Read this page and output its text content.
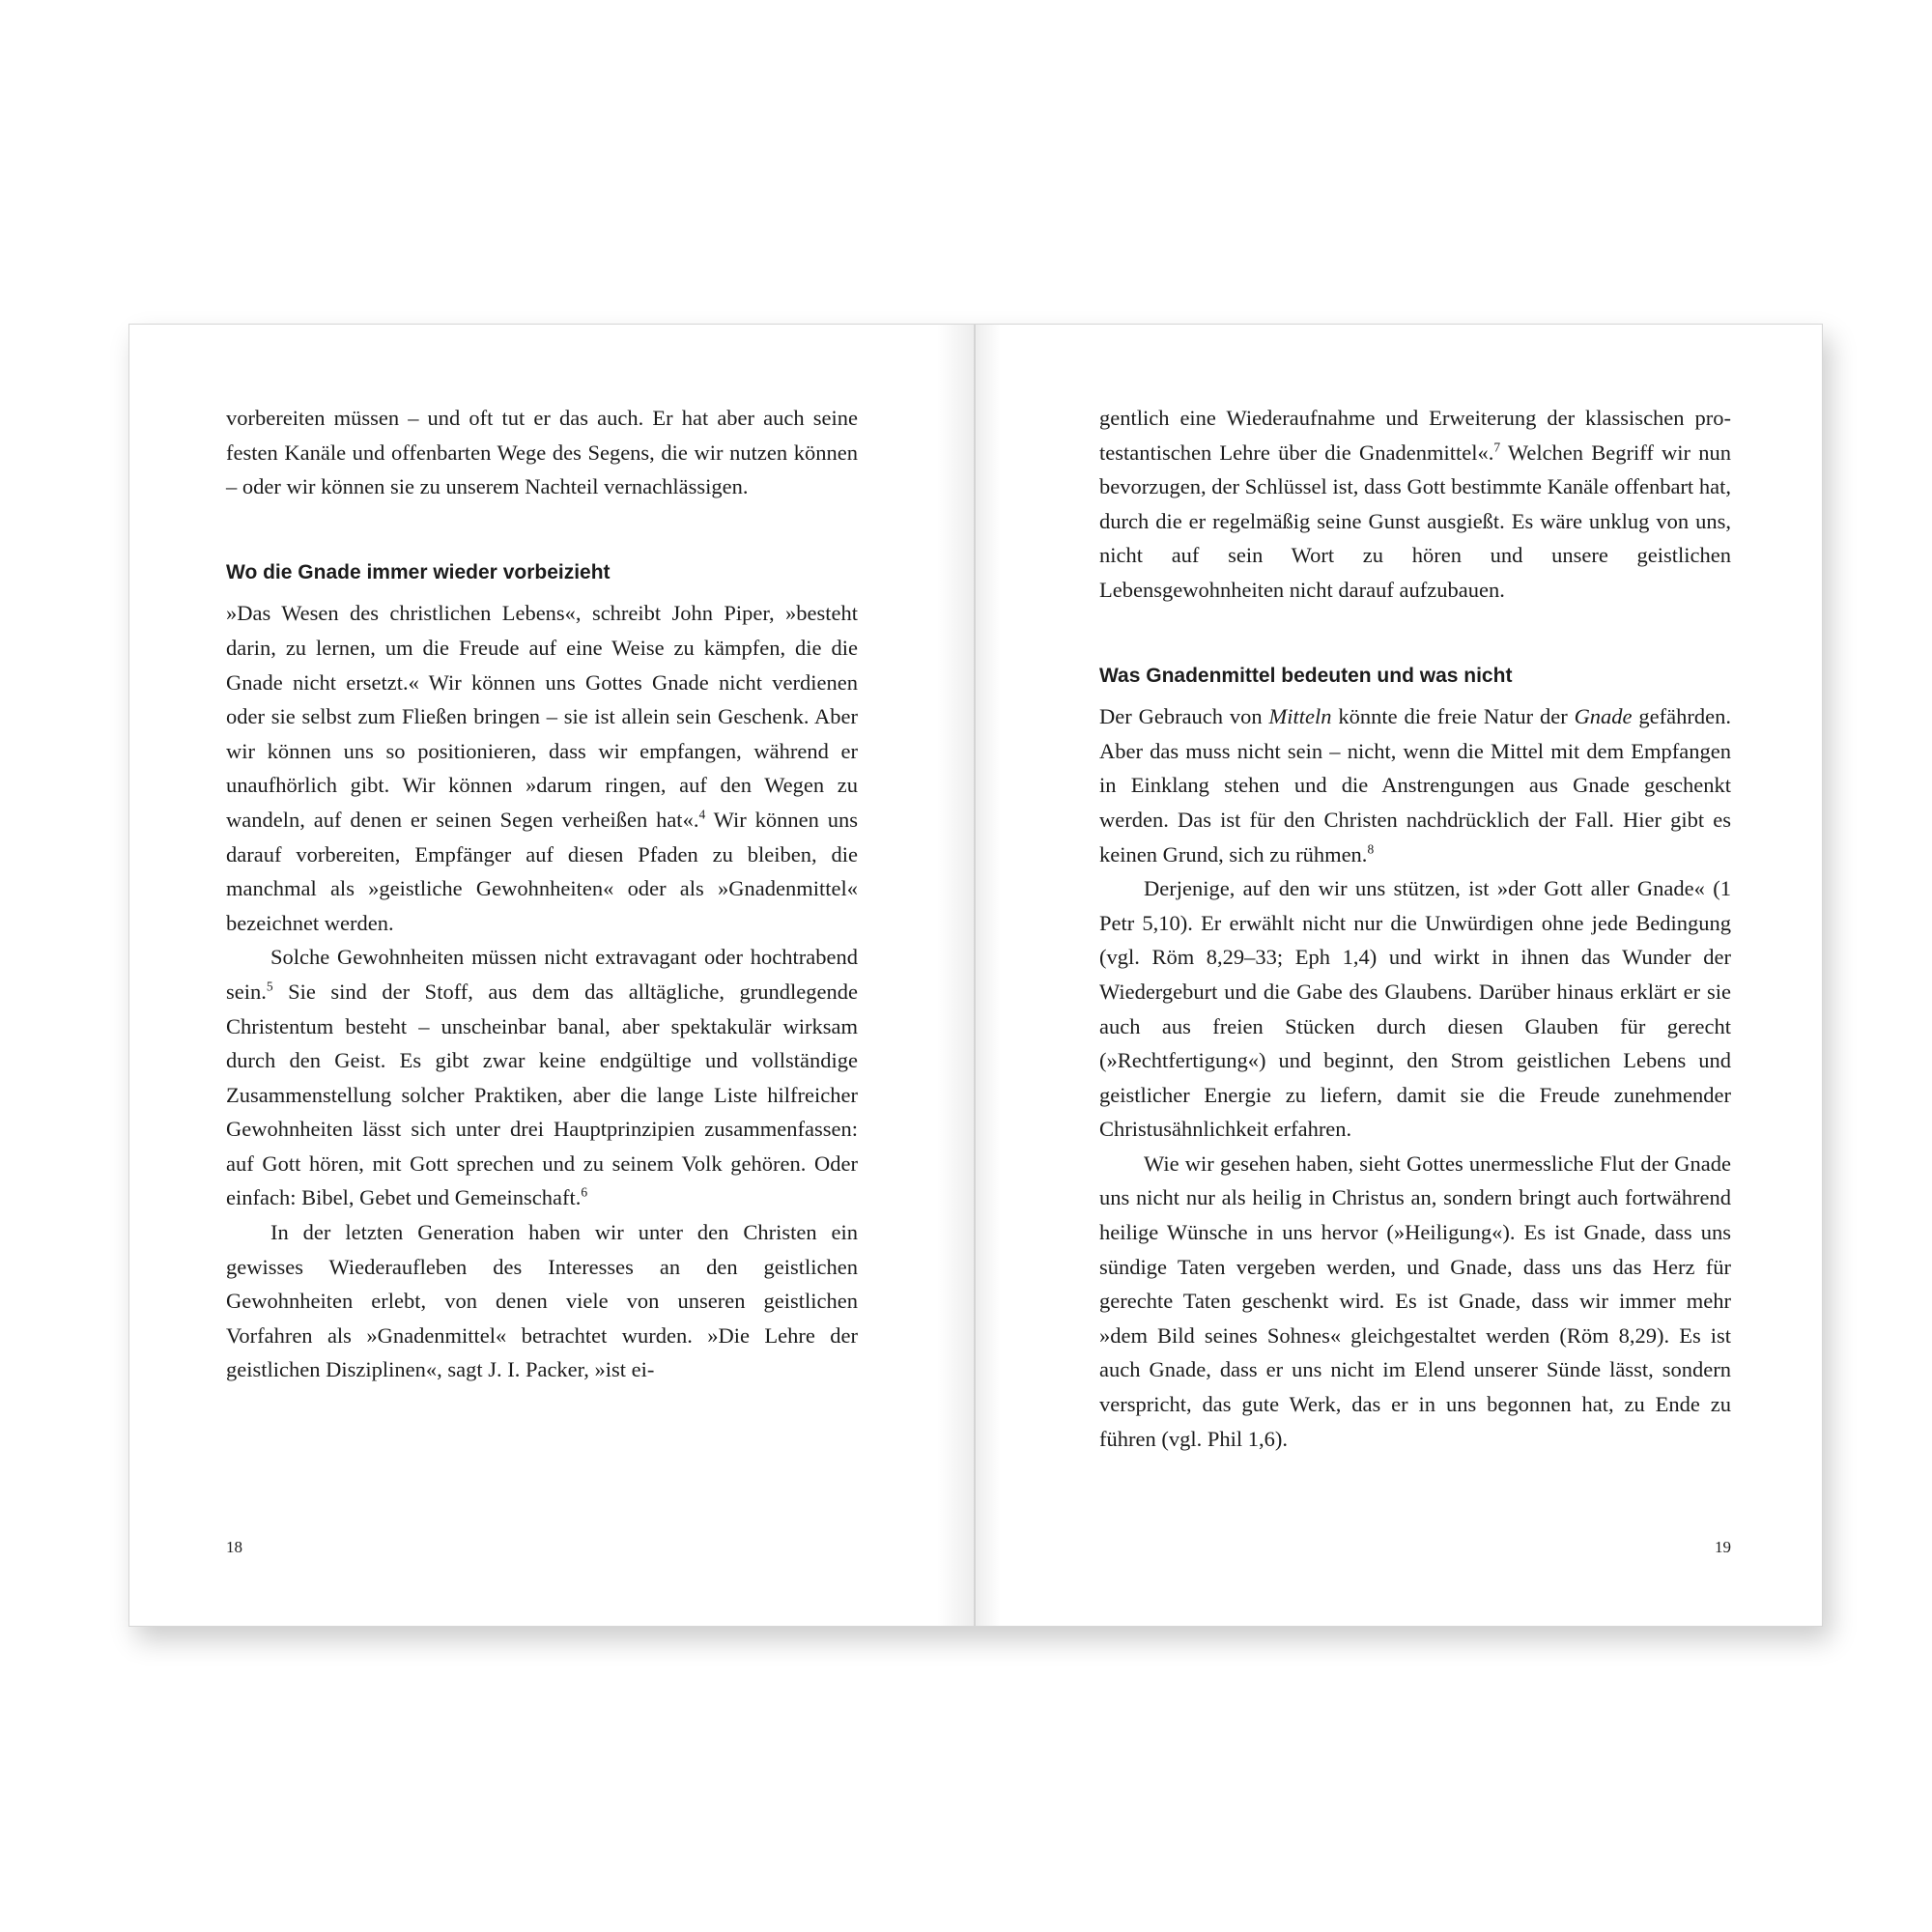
vorbereiten müssen – und oft tut er das auch. Er hat aber auch seine festen Kanäle und offenbarten Wege des Segens, die wir nutzen können – oder wir können sie zu unserem Nachteil vernachlässigen.

Wo die Gnade immer wieder vorbeizieht

»Das Wesen des christlichen Lebens«, schreibt John Piper, »besteht darin, zu lernen, um die Freude auf eine Weise zu kämpfen, die die Gnade nicht ersetzt.« Wir können uns Gottes Gnade nicht verdienen oder sie selbst zum Fließen bringen – sie ist allein sein Geschenk. Aber wir können uns so positionieren, dass wir empfangen, während er unaufhörlich gibt. Wir können »darum ringen, auf den Wegen zu wandeln, auf denen er seinen Segen verheißen hat«.$^4$ Wir können uns darauf vorbereiten, Empfänger auf diesen Pfaden zu bleiben, die manchmal als »geistliche Gewohnheiten« oder als »Gnadenmittel« bezeichnet werden.

Solche Gewohnheiten müssen nicht extravagant oder hochtrabend sein.$^5$ Sie sind der Stoff, aus dem das alltägliche, grundlegende Christentum besteht – unscheinbar banal, aber spektakulär wirksam durch den Geist. Es gibt zwar keine endgültige und vollständige Zusammenstellung solcher Praktiken, aber die lange Liste hilfreicher Gewohnheiten lässt sich unter drei Hauptprinzipien zusammenfassen: auf Gott hören, mit Gott sprechen und zu seinem Volk gehören. Oder einfach: Bibel, Gebet und Gemeinschaft.$^6$

In der letzten Generation haben wir unter den Christen ein gewisses Wiederaufleben des Interesses an den geistlichen Gewohnheiten erlebt, von denen viele von unseren geistlichen Vorfahren als »Gnadenmittel« betrachtet wurden. »Die Lehre der geistlichen Disziplinen«, sagt J. I. Packer, »ist ei-

18

gentlich eine Wiederaufnahme und Erweiterung der klassischen pro-testantischen Lehre über die Gnadenmittel«.$^7$ Welchen Begriff wir nun bevorzugen, der Schlüssel ist, dass Gott bestimmte Kanäle offenbart hat, durch die er regelmäßig seine Gunst ausgießt. Es wäre unklug von uns, nicht auf sein Wort zu hören und unsere geistlichen Lebensgewohnheiten nicht darauf aufzubauen.

Was Gnadenmittel bedeuten und was nicht

Der Gebrauch von Mitteln könnte die freie Natur der Gnade gefährden. Aber das muss nicht sein – nicht, wenn die Mittel mit dem Empfangen in Einklang stehen und die Anstrengungen aus Gnade geschenkt werden. Das ist für den Christen nachdrücklich der Fall. Hier gibt es keinen Grund, sich zu rühmen.$^8$

Derjenige, auf den wir uns stützen, ist »der Gott aller Gnade« (1 Petr 5,10). Er erwählt nicht nur die Unwürdigen ohne jede Bedingung (vgl. Röm 8,29–33; Eph 1,4) und wirkt in ihnen das Wunder der Wiedergeburt und die Gabe des Glaubens. Darüber hinaus erklärt er sie auch aus freien Stücken durch diesen Glauben für gerecht (»Rechtfertigung«) und beginnt, den Strom geistlichen Lebens und geistlicher Energie zu liefern, damit sie die Freude zunehmender Christusähnlichkeit erfahren.

Wie wir gesehen haben, sieht Gottes unermessliche Flut der Gnade uns nicht nur als heilig in Christus an, sondern bringt auch fortwährend heilige Wünsche in uns hervor (»Heiligung«). Es ist Gnade, dass uns sündige Taten vergeben werden, und Gnade, dass uns das Herz für gerechte Taten geschenkt wird. Es ist Gnade, dass wir immer mehr »dem Bild seines Sohnes« gleichgestaltet werden (Röm 8,29). Es ist auch Gnade, dass er uns nicht im Elend unserer Sünde lässt, sondern verspricht, das gute Werk, das er in uns begonnen hat, zu Ende zu führen (vgl. Phil 1,6).

19
